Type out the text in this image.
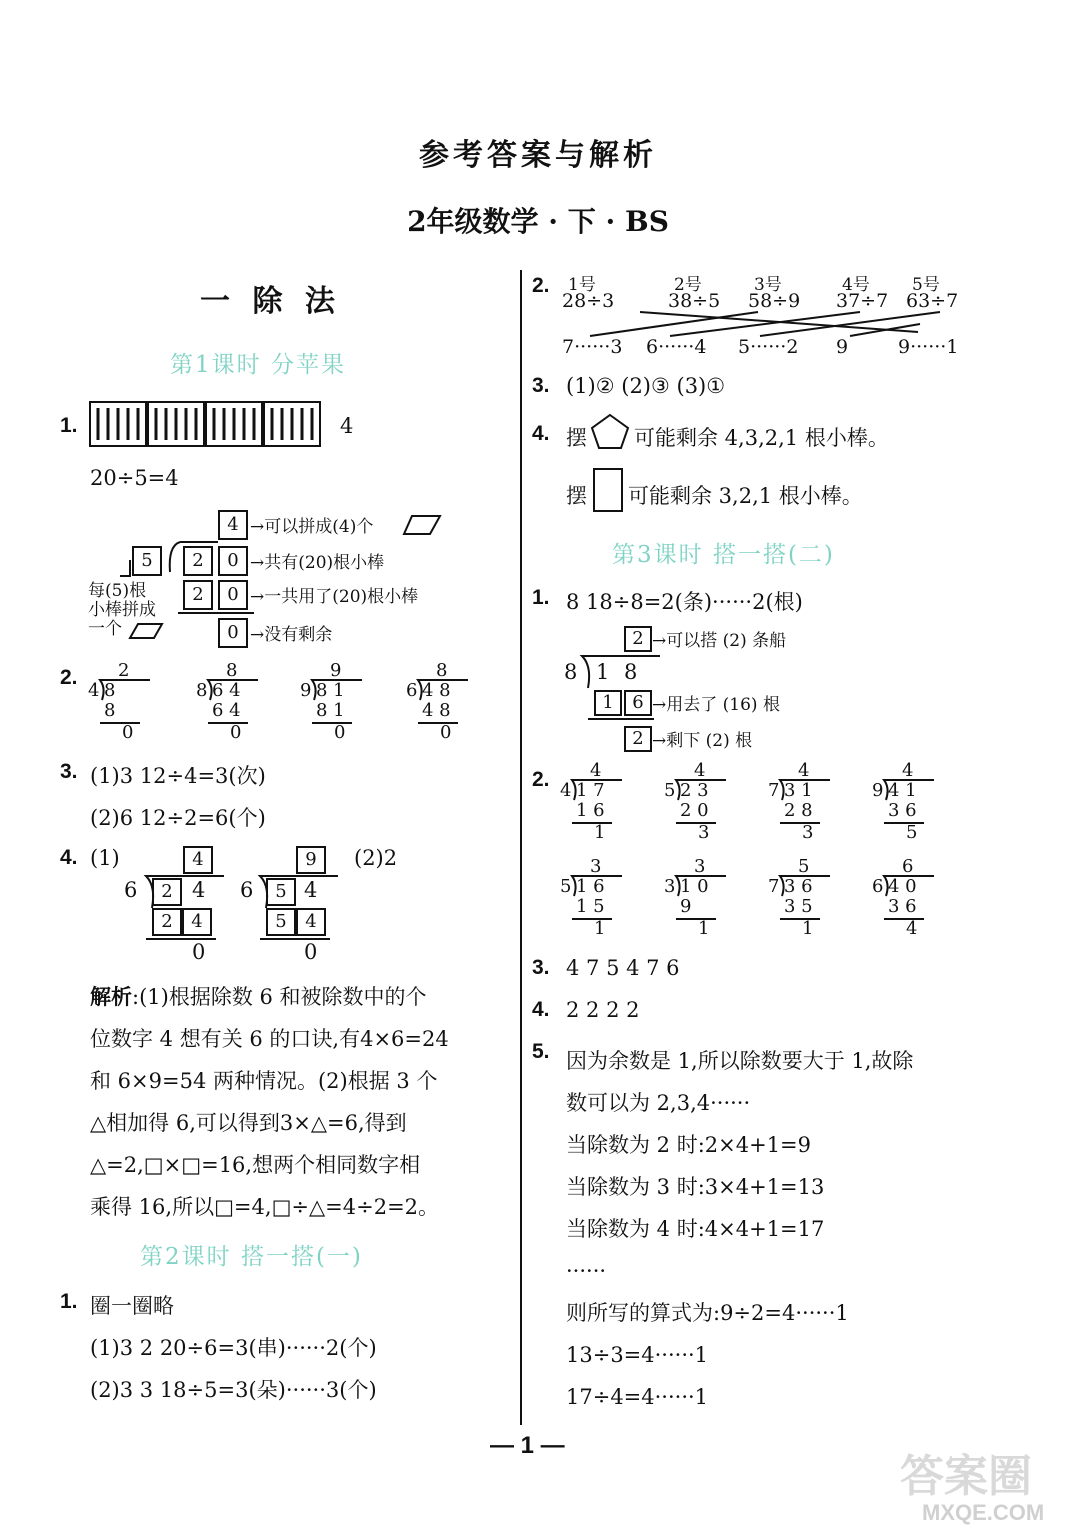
参考答案与解析
2年级数学 · 下 · BS
一 除 法
第1课时 分苹果
1.	4
20÷5=4
4 →可以拼成(4)个
5	2	0 →共有(20)根小棒
2	0 →一共用了(20)根小棒
0 →没有剩余
每(5)根
小棒拼成
一个
2. 2
4 8
8
0
8
8 6 4
6 4
0
9
9 8 1
8 1
0
8
6 4 8
4 8
0
3. (1)3 12÷4=3(次)
(2)6 12÷2=6(个)
4. (1)	(2)2
4
6	2 4
2	4
0
9
6	5 4
5	4
0
解析:(1)根据除数 6 和被除数中的个
位数字 4 想有关 6 的口诀,有4×6=24
和 6×9=54 两种情况。(2)根据 3 个
△相加得 6,可以得到3×△=6,得到
△=2,□×□=16,想两个相同数字相
乘得 16,所以□=4,□÷△=4÷2=2。
第2课时 搭一搭(一)
1. 圈一圈略
(1)3 2 20÷6=3(串)······2(个)
(2)3 3 18÷5=3(朵)······3(个)
2. 1号
28÷3
7······3
2号
38÷5
6······4
3号
58÷9
5······2
4号
37÷7
9
5号
63÷7
9······1
3. (1)② (2)③ (3)①
4. 摆 可能剩余 4,3,2,1 根小棒。
摆 可能剩余 3,2,1 根小棒。
第3课时 搭一搭(二)
1. 8 18÷8=2(条)······2(根)
2 →可以搭 (2) 条船
8 1 8
1	6 →用去了 (16) 根
2 →剩下 (2) 根
2. 4
4 1 7
1 6
1
4
5 2 3
2 0
3
4
7 3 1
2 8
3
4
9 4 1
3 6
5
3
5 1 6
1 5
1
3
3 1 0
9
1
5
7 3 6
3 5
1
6
6 4 0
3 6
4
3. 4 7 5 4 7 6
4. 2 2 2 2
5. 因为余数是 1,所以除数要大于 1,故除
数可以为 2,3,4······
当除数为 2 时:2×4+1=9
当除数为 3 时:3×4+1=13
当除数为 4 时:4×4+1=17
······
则所写的算式为:9÷2=4······1
13÷3=4······1
17÷4=4······1
— 1 —
答案圈
MXQE.COM
